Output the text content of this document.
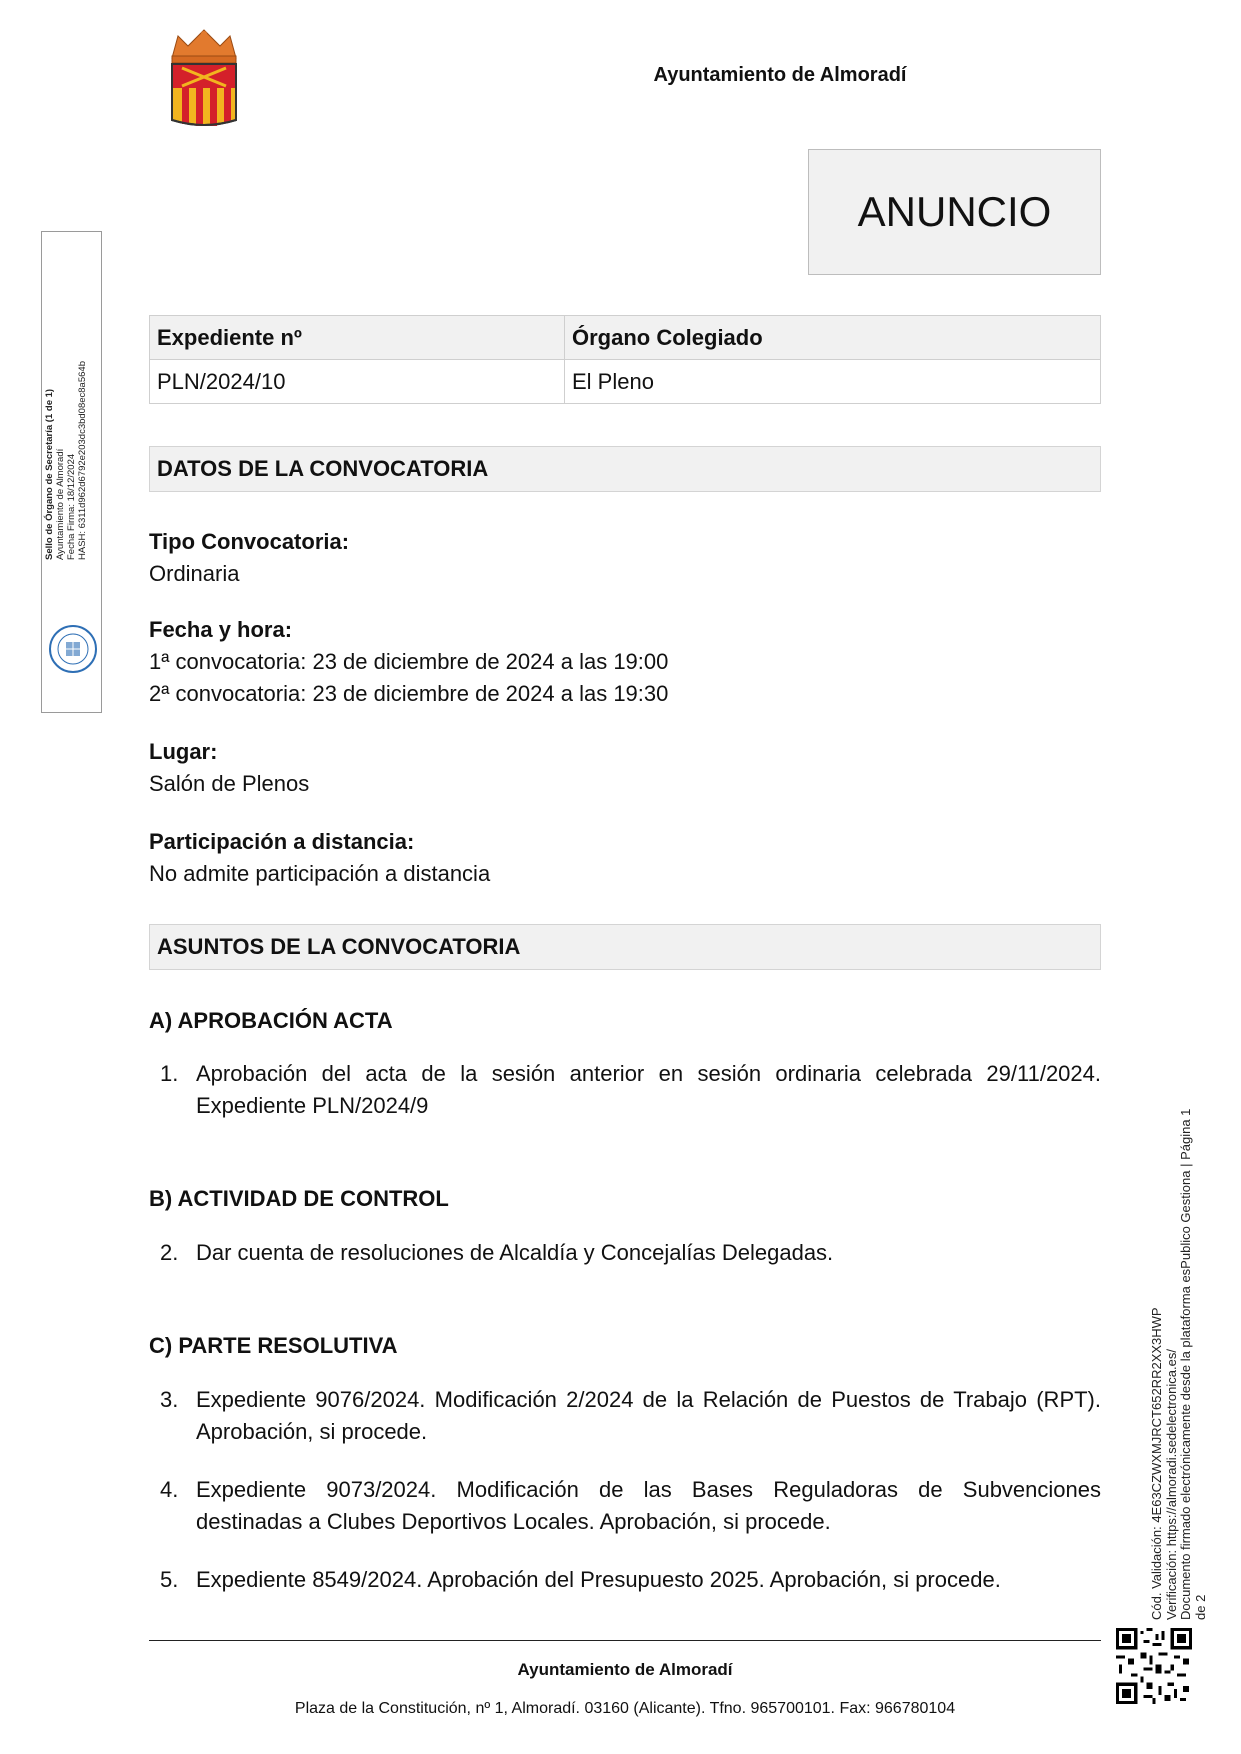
Ayuntamiento de Almoradí
ANUNCIO
Expediente nº	Órgano Colegiado
PLN/2024/10	El Pleno
DATOS DE LA CONVOCATORIA
Tipo Convocatoria:
Ordinaria
Fecha y hora:
1ª convocatoria: 23 de diciembre de 2024 a las 19:00
2ª convocatoria: 23 de diciembre de 2024 a las 19:30
Lugar:
Salón de Plenos
Participación a distancia:
No admite participación a distancia
ASUNTOS DE LA CONVOCATORIA
A) APROBACIÓN ACTA
1. Aprobación del acta de la sesión anterior en sesión ordinaria celebrada 29/11/2024. Expediente PLN/2024/9
B) ACTIVIDAD DE CONTROL
2. Dar cuenta de resoluciones de Alcaldía y Concejalías Delegadas.
C) PARTE RESOLUTIVA
3. Expediente 9076/2024. Modificación 2/2024 de la Relación de Puestos de Trabajo (RPT). Aprobación, si procede.
4. Expediente 9073/2024. Modificación de las Bases Reguladoras de Subvenciones destinadas a Clubes Deportivos Locales. Aprobación, si procede.
5. Expediente 8549/2024. Aprobación del Presupuesto 2025. Aprobación, si procede.
Ayuntamiento de Almoradí
Plaza de la Constitución, nº 1, Almoradí. 03160 (Alicante). Tfno. 965700101. Fax: 966780104
Sello de Órgano de Secretaría (1 de 1) Ayuntamiento de Almoradí Fecha Firma: 18/12/2024 HASH: 6311d962d6792e203dc3bd08ec8a564b
Cód. Validación: 4E63CZWXMJRCT652RR2XX3HWP Verificación: https://almoradi.sedelectronica.es/ Documento firmado electrónicamente desde la plataforma esPublico Gestiona | Página 1 de 2
